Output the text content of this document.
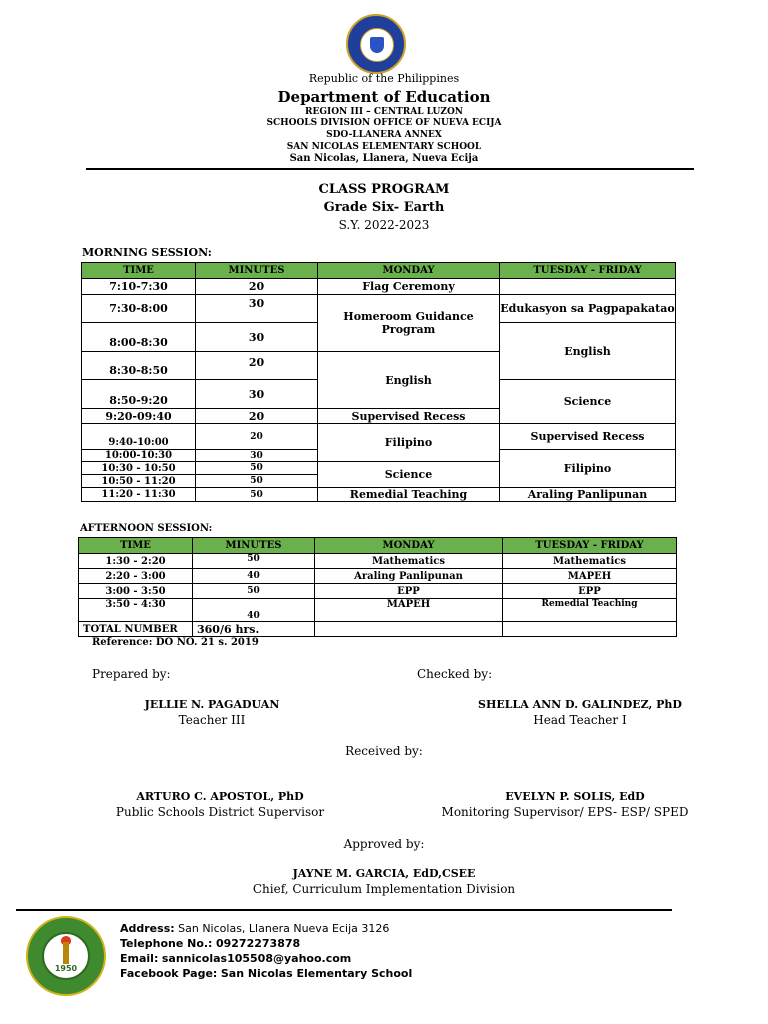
Republic of the Philippines
Department of Education
REGION III – CENTRAL LUZON
SCHOOLS DIVISION OFFICE OF NUEVA ECIJA
SDO-LLANERA ANNEX
SAN NICOLAS ELEMENTARY SCHOOL
San Nicolas, Llanera, Nueva Ecija
CLASS PROGRAM
Grade Six- Earth
S.Y. 2022-2023
MORNING SESSION:
TIME	MINUTES	MONDAY	TUESDAY - FRIDAY
7:10-7:30	20	Flag Ceremony	
7:30-8:00	30	Homeroom Guidance Program	Edukasyon sa Pagpapakatao
8:00-8:30	30		English
8:30-8:50	20	English	
8:50-9:20	30		Science
9:20-09:40	20	Supervised Recess	
9:40-10:00	20	Filipino	Supervised Recess
10:00-10:30	30		Filipino
10:30 - 10:50	50	Science	
10:50 - 11:20	50		
11:20 - 11:30	50	Remedial Teaching	Araling Panlipunan
AFTERNOON SESSION:
TIME	MINUTES	MONDAY	TUESDAY - FRIDAY
1:30 - 2:20	50	Mathematics	Mathematics
2:20 - 3:00	40	Araling Panlipunan	MAPEH
3:00 - 3:50	50	EPP	EPP
3:50 - 4:30	40	MAPEH	Remedial Teaching
TOTAL NUMBER	360/6 hrs.		
Reference: DO NO. 21 s. 2019
Prepared by:	Checked by:
JELLIE N. PAGADUAN
Teacher III
SHELLA ANN D. GALINDEZ, PhD
Head Teacher I
Received by:
ARTURO C. APOSTOL, PhD
Public Schools District Supervisor
EVELYN P. SOLIS, EdD
Monitoring Supervisor/ EPS- ESP/ SPED
Approved by:
JAYNE M. GARCIA, EdD,CSEE
Chief, Curriculum Implementation Division
1950
Address: San Nicolas, Llanera Nueva Ecija 3126
Telephone No.: 09272273878
Email: sannicolas105508@yahoo.com
Facebook Page: San Nicolas Elementary School
